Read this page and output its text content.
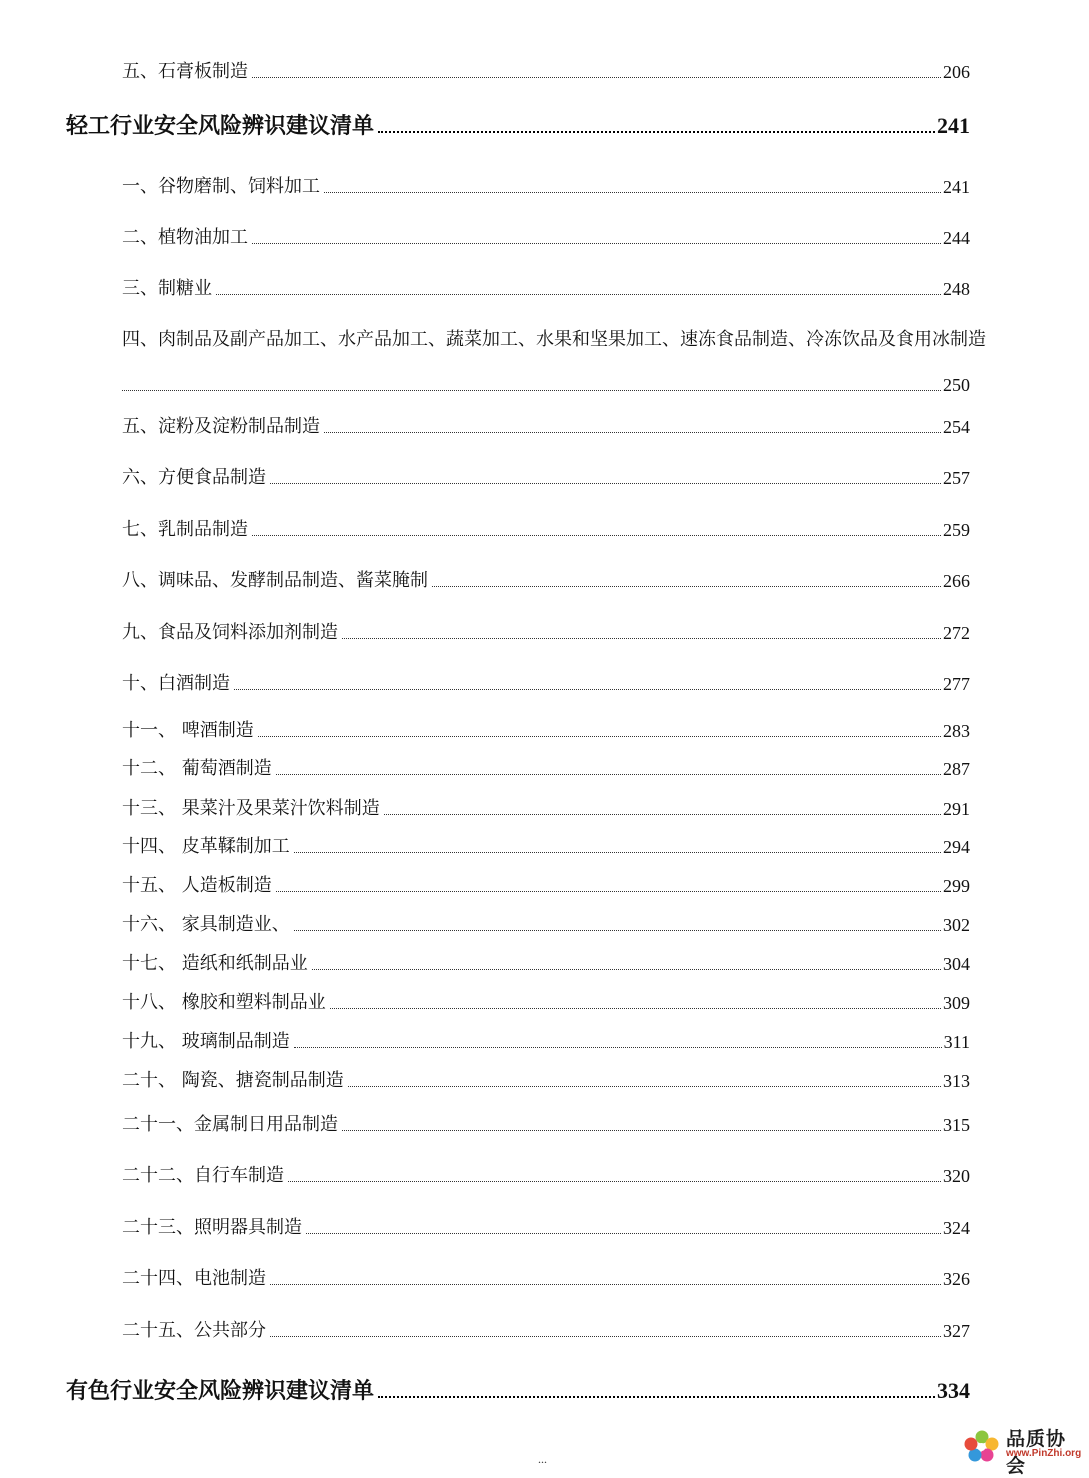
五、石膏板制造	206
轻工行业安全风险辨识建议清单	241
一、谷物磨制、饲料加工	241
二、植物油加工	244
三、制糖业	248
四、肉制品及副产品加工、水产品加工、蔬菜加工、水果和坚果加工、速冻食品制造、冷冻饮品及食用冰制造
250
五、淀粉及淀粉制品制造	254
六、方便食品制造	257
七、乳制品制造	259
八、调味品、发酵制品制造、酱菜腌制	266
九、食品及饲料添加剂制造	272
十、白酒制造	277
十一、 啤酒制造	283
十二、 葡萄酒制造	287
十三、 果菜汁及果菜汁饮料制造	291
十四、 皮革鞣制加工	294
十五、 人造板制造	299
十六、 家具制造业、	302
十七、 造纸和纸制品业	304
十八、 橡胶和塑料制品业	309
十九、 玻璃制品制造	311
二十、 陶瓷、搪瓷制品制造	313
二十一、金属制日用品制造	315
二十二、自行车制造	320
二十三、照明器具制造	324
二十四、电池制造	326
二十五、公共部分	327
有色行业安全风险辨识建议清单	334
...
品质协会
www.PinZhi.org
